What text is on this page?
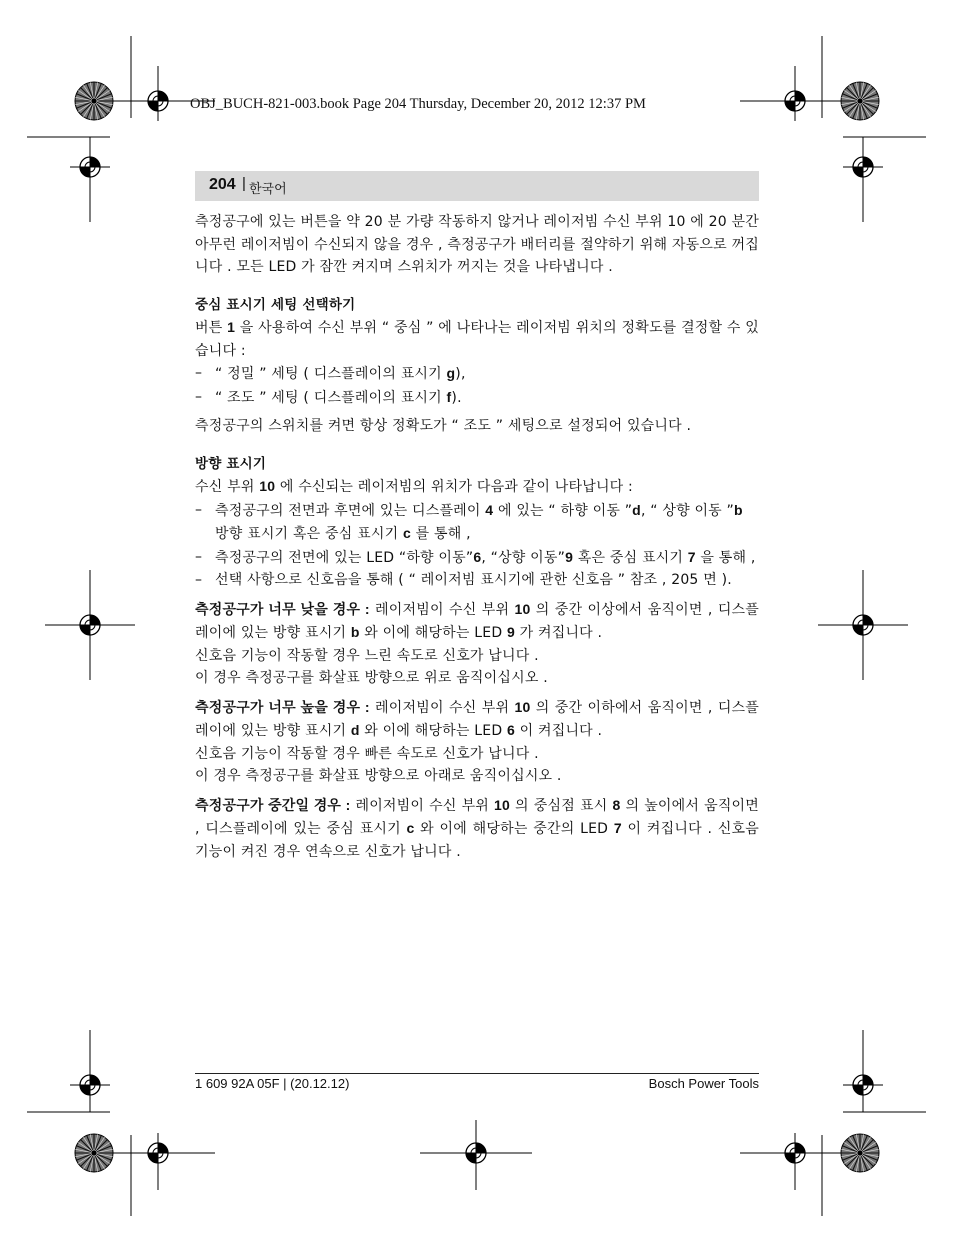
OBJ_BUCH-821-003.book Page 204 Thursday, December 20, 2012 12:37 PM
204 | 한국어

측정공구에 있는 버튼을 약 20 분 가량 작동하지 않거나 레이저빔 수신 부위 10 에 20 분간 아무런 레이저빔이 수신되지 않을 경우 , 측정공구가 배터리를 절약하기 위해 자동으로 꺼집니다 . 모든 LED 가 잠깐 켜지며 스위치가 꺼지는 것을 나타냅니다 .

중심 표시기 세팅 선택하기

버튼 1 을 사용하여 수신 부위 “ 중심 ” 에 나타나는 레이저빔 위치의 정확도를 결정할 수 있습니다 :

– “ 정밀 ” 세팅 ( 디스플레이의 표시기 g),

– “ 조도 ” 세팅 ( 디스플레이의 표시기 f).

측정공구의 스위치를 켜면 항상 정확도가 “ 조도 ” 세팅으로 설정되어 있습니다 .

방향 표시기

수신 부위 10 에 수신되는 레이저빔의 위치가 다음과 같이 나타납니다 :

– 측정공구의 전면과 후면에 있는 디스플레이 4 에 있는 “ 하향 이동 ”d, “ 상향 이동 ”b 방향 표시기 혹은 중심 표시기 c 를 통해 ,

– 측정공구의 전면에 있는 LED “하향 이동”6, “상향 이동”9 혹은 중심 표시기 7 을 통해 ,

– 선택 사항으로 신호음을 통해 ( “ 레이저빔 표시기에 관한 신호음 ” 참조 , 205 면 ).

측정공구가 너무 낮을 경우 : 레이저빔이 수신 부위 10 의 중간 이상에서 움직이면 , 디스플레이에 있는 방향 표시기 b 와 이에 해당하는 LED 9 가 켜집니다 .

신호음 기능이 작동할 경우 느린 속도로 신호가 납니다 .

이 경우 측정공구를 화살표 방향으로 위로 움직이십시오 .

측정공구가 너무 높을 경우 : 레이저빔이 수신 부위 10 의 중간 이하에서 움직이면 , 디스플레이에 있는 방향 표시기 d 와 이에 해당하는 LED 6 이 켜집니다 .

신호음 기능이 작동할 경우 빠른 속도로 신호가 납니다 .

이 경우 측정공구를 화살표 방향으로 아래로 움직이십시오 .

측정공구가 중간일 경우 : 레이저빔이 수신 부위 10 의 중심점 표시 8 의 높이에서 움직이면 , 디스플레이에 있는 중심 표시기 c 와 이에 해당하는 중간의 LED 7 이 켜집니다 . 신호음 기능이 켜진 경우 연속으로 신호가 납니다 .

1 609 92A 05F | (20.12.12)	Bosch Power Tools
